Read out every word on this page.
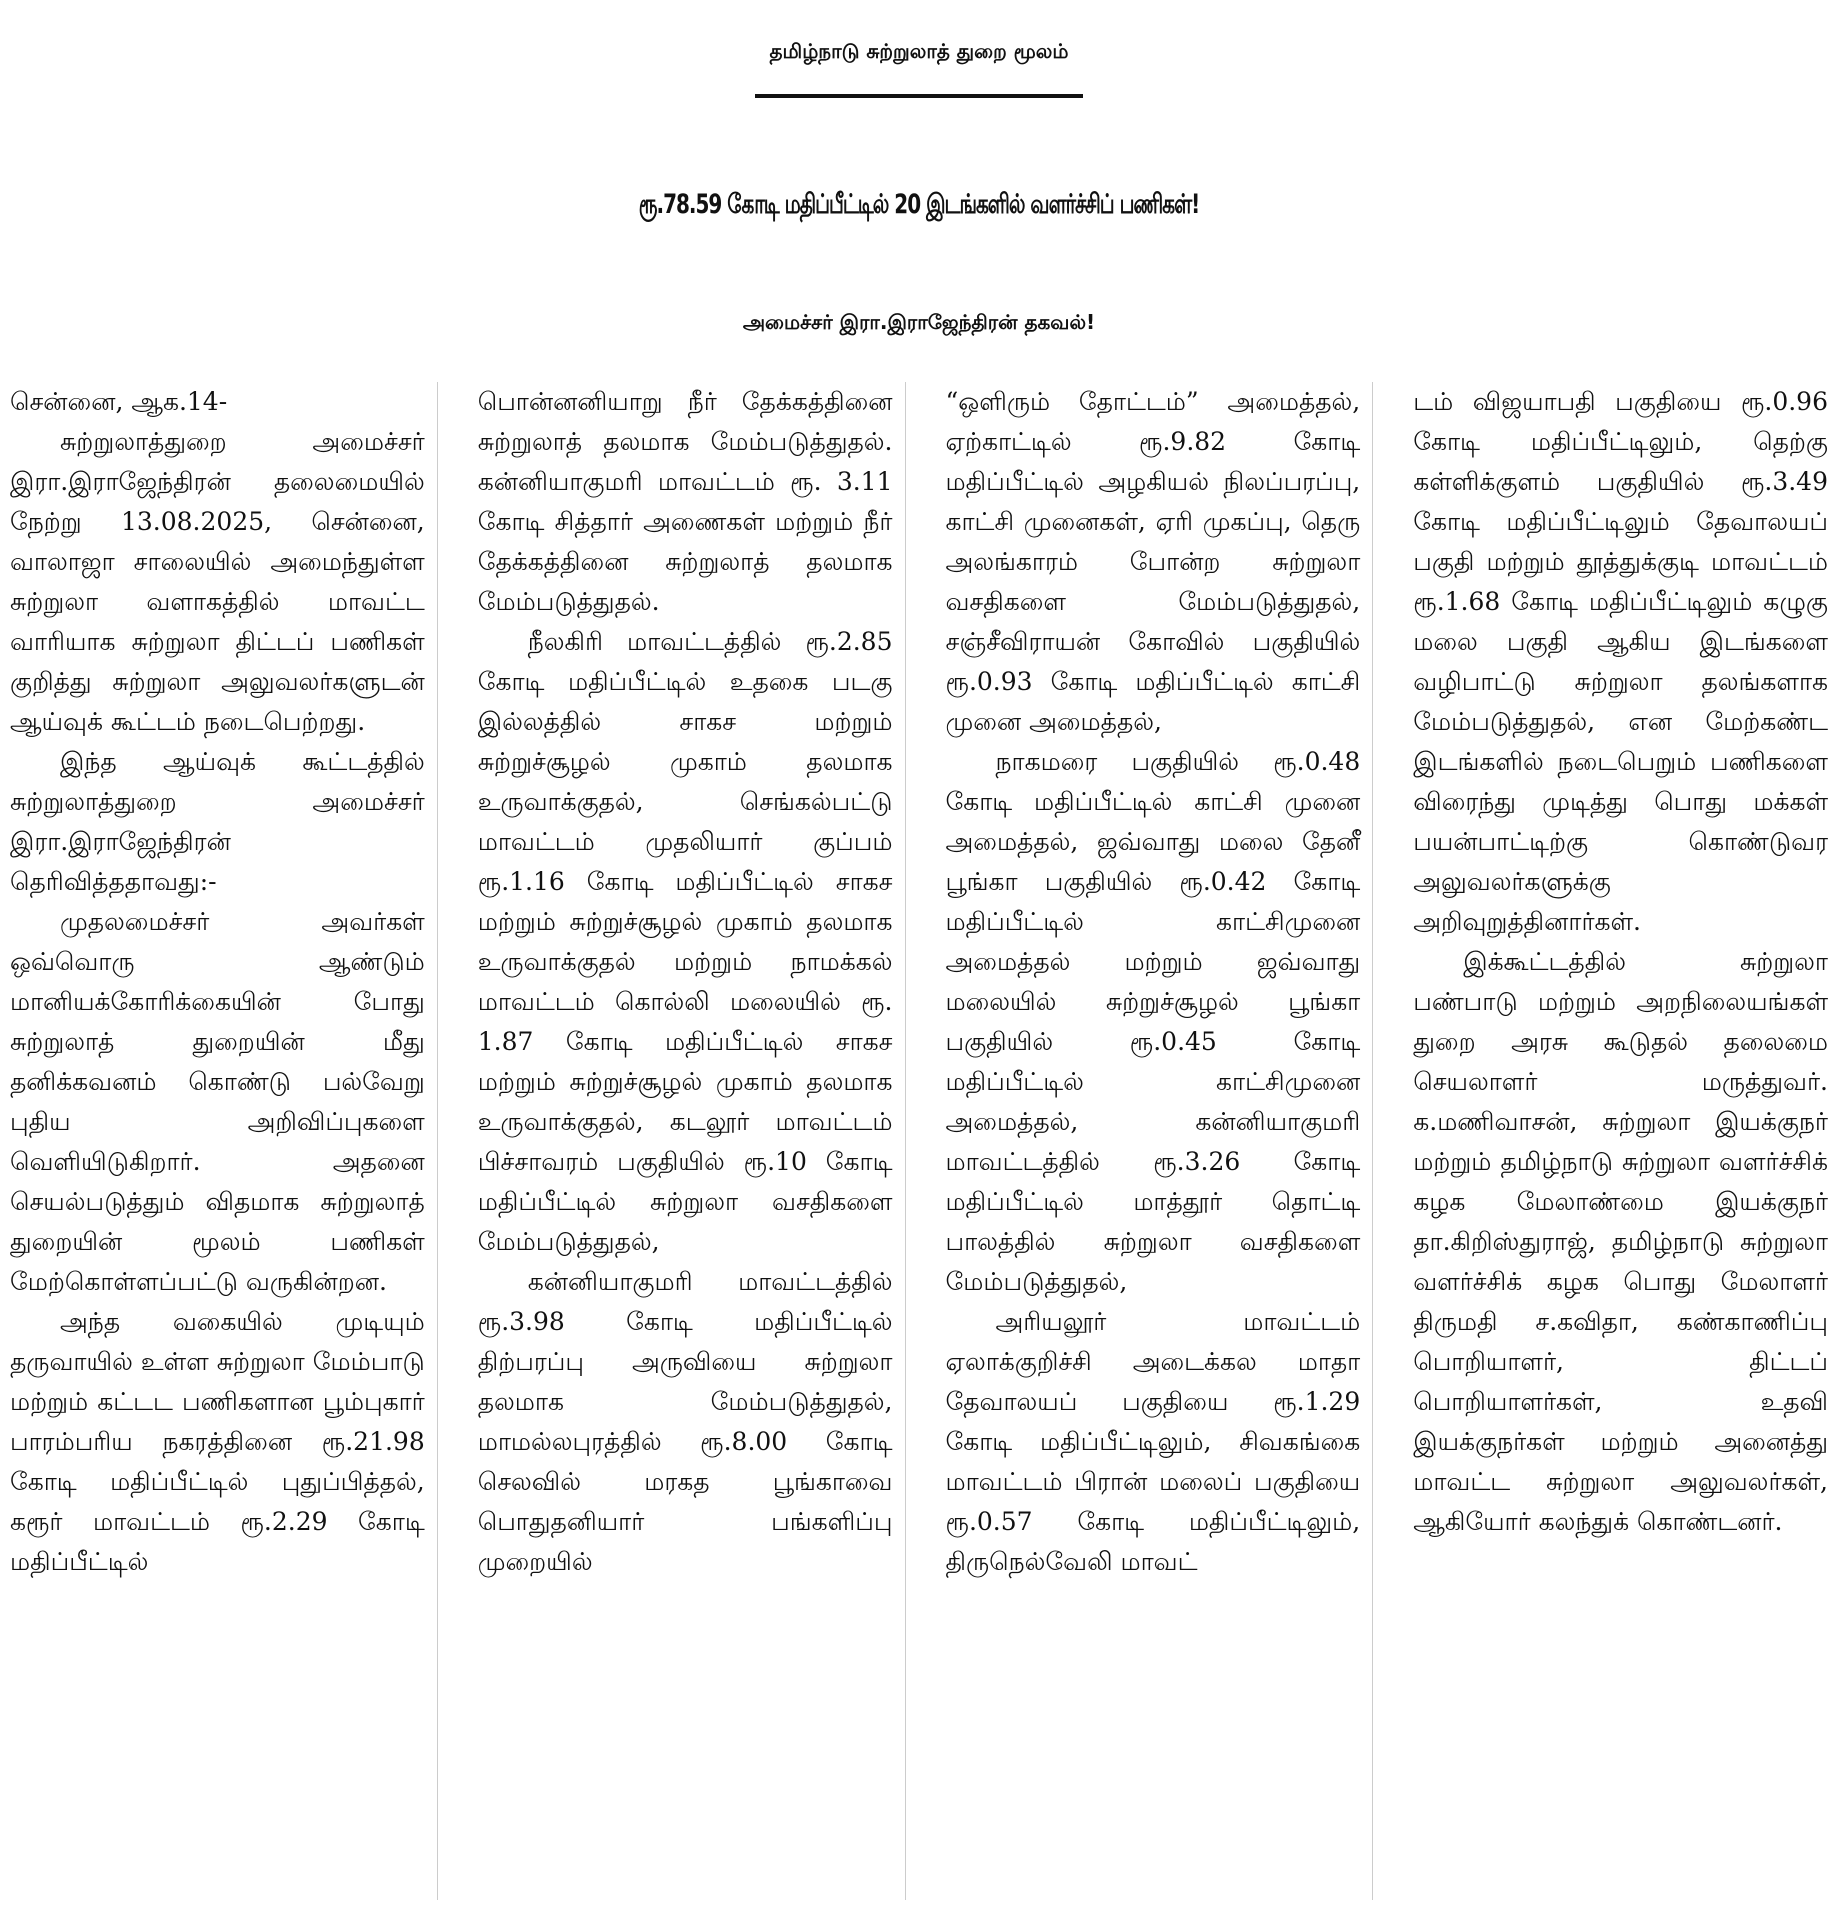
தமிழ்நாடு சுற்றுலாத் துறை மூலம்
ரூ.78.59 கோடி மதிப்பீட்டில் 20 இடங்களில் வளர்ச்சிப் பணிகள்!
அமைச்சர் இரா.இராஜேந்திரன் தகவல்!

சென்னை, ஆக.14-

சுற்றுலாத்துறை அமைச்சர் இரா.இராஜேந்திரன் தலைமையில் நேற்று 13.08.2025, சென்னை, வாலாஜா சாலையில் அமைந்துள்ள சுற்றுலா வளாகத்தில் மாவட்ட வாரியாக சுற்றுலா திட்டப் பணிகள் குறித்து சுற்றுலா அலுவலர்களுடன் ஆய்வுக் கூட்டம் நடைபெற்றது.

இந்த ஆய்வுக் கூட்டத்தில் சுற்றுலாத்துறை அமைச்சர் இரா.இராஜேந்திரன் தெரிவித்ததாவது:-

முதலமைச்சர் அவர்கள் ஒவ்வொரு ஆண்டும் மானியக்கோரிக்கையின் போது சுற்றுலாத் துறையின் மீது தனிக்கவனம் கொண்டு பல்வேறு புதிய அறிவிப்புகளை வெளியிடுகிறார். அதனை செயல்படுத்தும் விதமாக சுற்றுலாத் துறையின் மூலம் பணிகள் மேற்கொள்ளப்பட்டு வருகின்றன.

அந்த வகையில் முடியும் தருவாயில் உள்ள சுற்றுலா மேம்பாடு மற்றும் கட்டட பணிகளான பூம்புகார் பாரம்பரிய நகரத்தினை ரூ.21.98 கோடி மதிப்பீட்டில் புதுப்பித்தல், கரூர் மாவட்டம் ரூ.2.29 கோடி மதிப்பீட்டில்

பொன்னனியாறு நீர் தேக்கத்தினை சுற்றுலாத் தலமாக மேம்படுத்துதல். கன்னியாகுமரி மாவட்டம் ரூ. 3.11 கோடி சித்தார் அணைகள் மற்றும் நீர் தேக்கத்தினை சுற்றுலாத் தலமாக மேம்படுத்துதல்.

நீலகிரி மாவட்டத்தில் ரூ.2.85 கோடி மதிப்பீட்டில் உதகை படகு இல்லத்தில் சாகச மற்றும் சுற்றுச்சூழல் முகாம் தலமாக உருவாக்குதல், செங்கல்பட்டு மாவட்டம் முதலியார் குப்பம் ரூ.1.16 கோடி மதிப்பீட்டில் சாகச மற்றும் சுற்றுச்சூழல் முகாம் தலமாக உருவாக்குதல் மற்றும் நாமக்கல் மாவட்டம் கொல்லி மலையில் ரூ. 1.87 கோடி மதிப்பீட்டில் சாகச மற்றும் சுற்றுச்சூழல் முகாம் தலமாக உருவாக்குதல், கடலூர் மாவட்டம் பிச்சாவரம் பகுதியில் ரூ.10 கோடி மதிப்பீட்டில் சுற்றுலா வசதிகளை மேம்படுத்துதல்,

கன்னியாகுமரி மாவட்டத்தில் ரூ.3.98 கோடி மதிப்பீட்டில் திற்பரப்பு அருவியை சுற்றுலா தலமாக மேம்படுத்துதல், மாமல்லபுரத்தில் ரூ.8.00 கோடி செலவில் மரகத பூங்காவை பொதுதனியார் பங்களிப்பு முறையில்

“ஒளிரும் தோட்டம்” அமைத்தல், ஏற்காட்டில் ரூ.9.82 கோடி மதிப்பீட்டில் அழகியல் நிலப்பரப்பு, காட்சி முனைகள், ஏரி முகப்பு, தெரு அலங்காரம் போன்ற சுற்றுலா வசதிகளை மேம்படுத்துதல், சஞ்சீவிராயன் கோவில் பகுதியில் ரூ.0.93 கோடி மதிப்பீட்டில் காட்சி முனை அமைத்தல்,

நாகமரை பகுதியில் ரூ.0.48 கோடி மதிப்பீட்டில் காட்சி முனை அமைத்தல், ஜவ்வாது மலை தேனீ பூங்கா பகுதியில் ரூ.0.42 கோடி மதிப்பீட்டில் காட்சிமுனை அமைத்தல் மற்றும் ஜவ்வாது மலையில் சுற்றுச்சூழல் பூங்கா பகுதியில் ரூ.0.45 கோடி மதிப்பீட்டில் காட்சிமுனை அமைத்தல், கன்னியாகுமரி மாவட்டத்தில் ரூ.3.26 கோடி மதிப்பீட்டில் மாத்தூர் தொட்டி பாலத்தில் சுற்றுலா வசதிகளை மேம்படுத்துதல்,

அரியலூர் மாவட்டம் ஏலாக்குறிச்சி அடைக்கல மாதா தேவாலயப் பகுதியை ரூ.1.29 கோடி மதிப்பீட்டிலும், சிவகங்கை மாவட்டம் பிரான் மலைப் பகுதியை ரூ.0.57 கோடி மதிப்பீட்டிலும், திருநெல்வேலி மாவட்

டம் விஜயாபதி பகுதியை ரூ.0.96 கோடி மதிப்பீட்டிலும், தெற்கு கள்ளிக்குளம் பகுதியில் ரூ.3.49 கோடி மதிப்பீட்டிலும் தேவாலயப் பகுதி மற்றும் தூத்துக்குடி மாவட்டம் ரூ.1.68 கோடி மதிப்பீட்டிலும் கழுகு மலை பகுதி ஆகிய இடங்களை வழிபாட்டு சுற்றுலா தலங்களாக மேம்படுத்துதல், என மேற்கண்ட இடங்களில் நடைபெறும் பணிகளை விரைந்து முடித்து பொது மக்கள் பயன்பாட்டிற்கு கொண்டுவர அலுவலர்களுக்கு அறிவுறுத்தினார்கள்.

இக்கூட்டத்தில் சுற்றுலா பண்பாடு மற்றும் அறநிலையங்கள் துறை அரசு கூடுதல் தலைமை செயலாளர் மருத்துவர். க.மணிவாசன், சுற்றுலா இயக்குநர் மற்றும் தமிழ்நாடு சுற்றுலா வளர்ச்சிக் கழக மேலாண்மை இயக்குநர் தா.கிறிஸ்துராஜ், தமிழ்நாடு சுற்றுலா வளர்ச்சிக் கழக பொது மேலாளர் திருமதி ச.கவிதா, கண்காணிப்பு பொறியாளர், திட்டப் பொறியாளர்கள், உதவி இயக்குநர்கள் மற்றும் அனைத்து மாவட்ட சுற்றுலா அலுவலர்கள், ஆகியோர் கலந்துக் கொண்டனர்.
